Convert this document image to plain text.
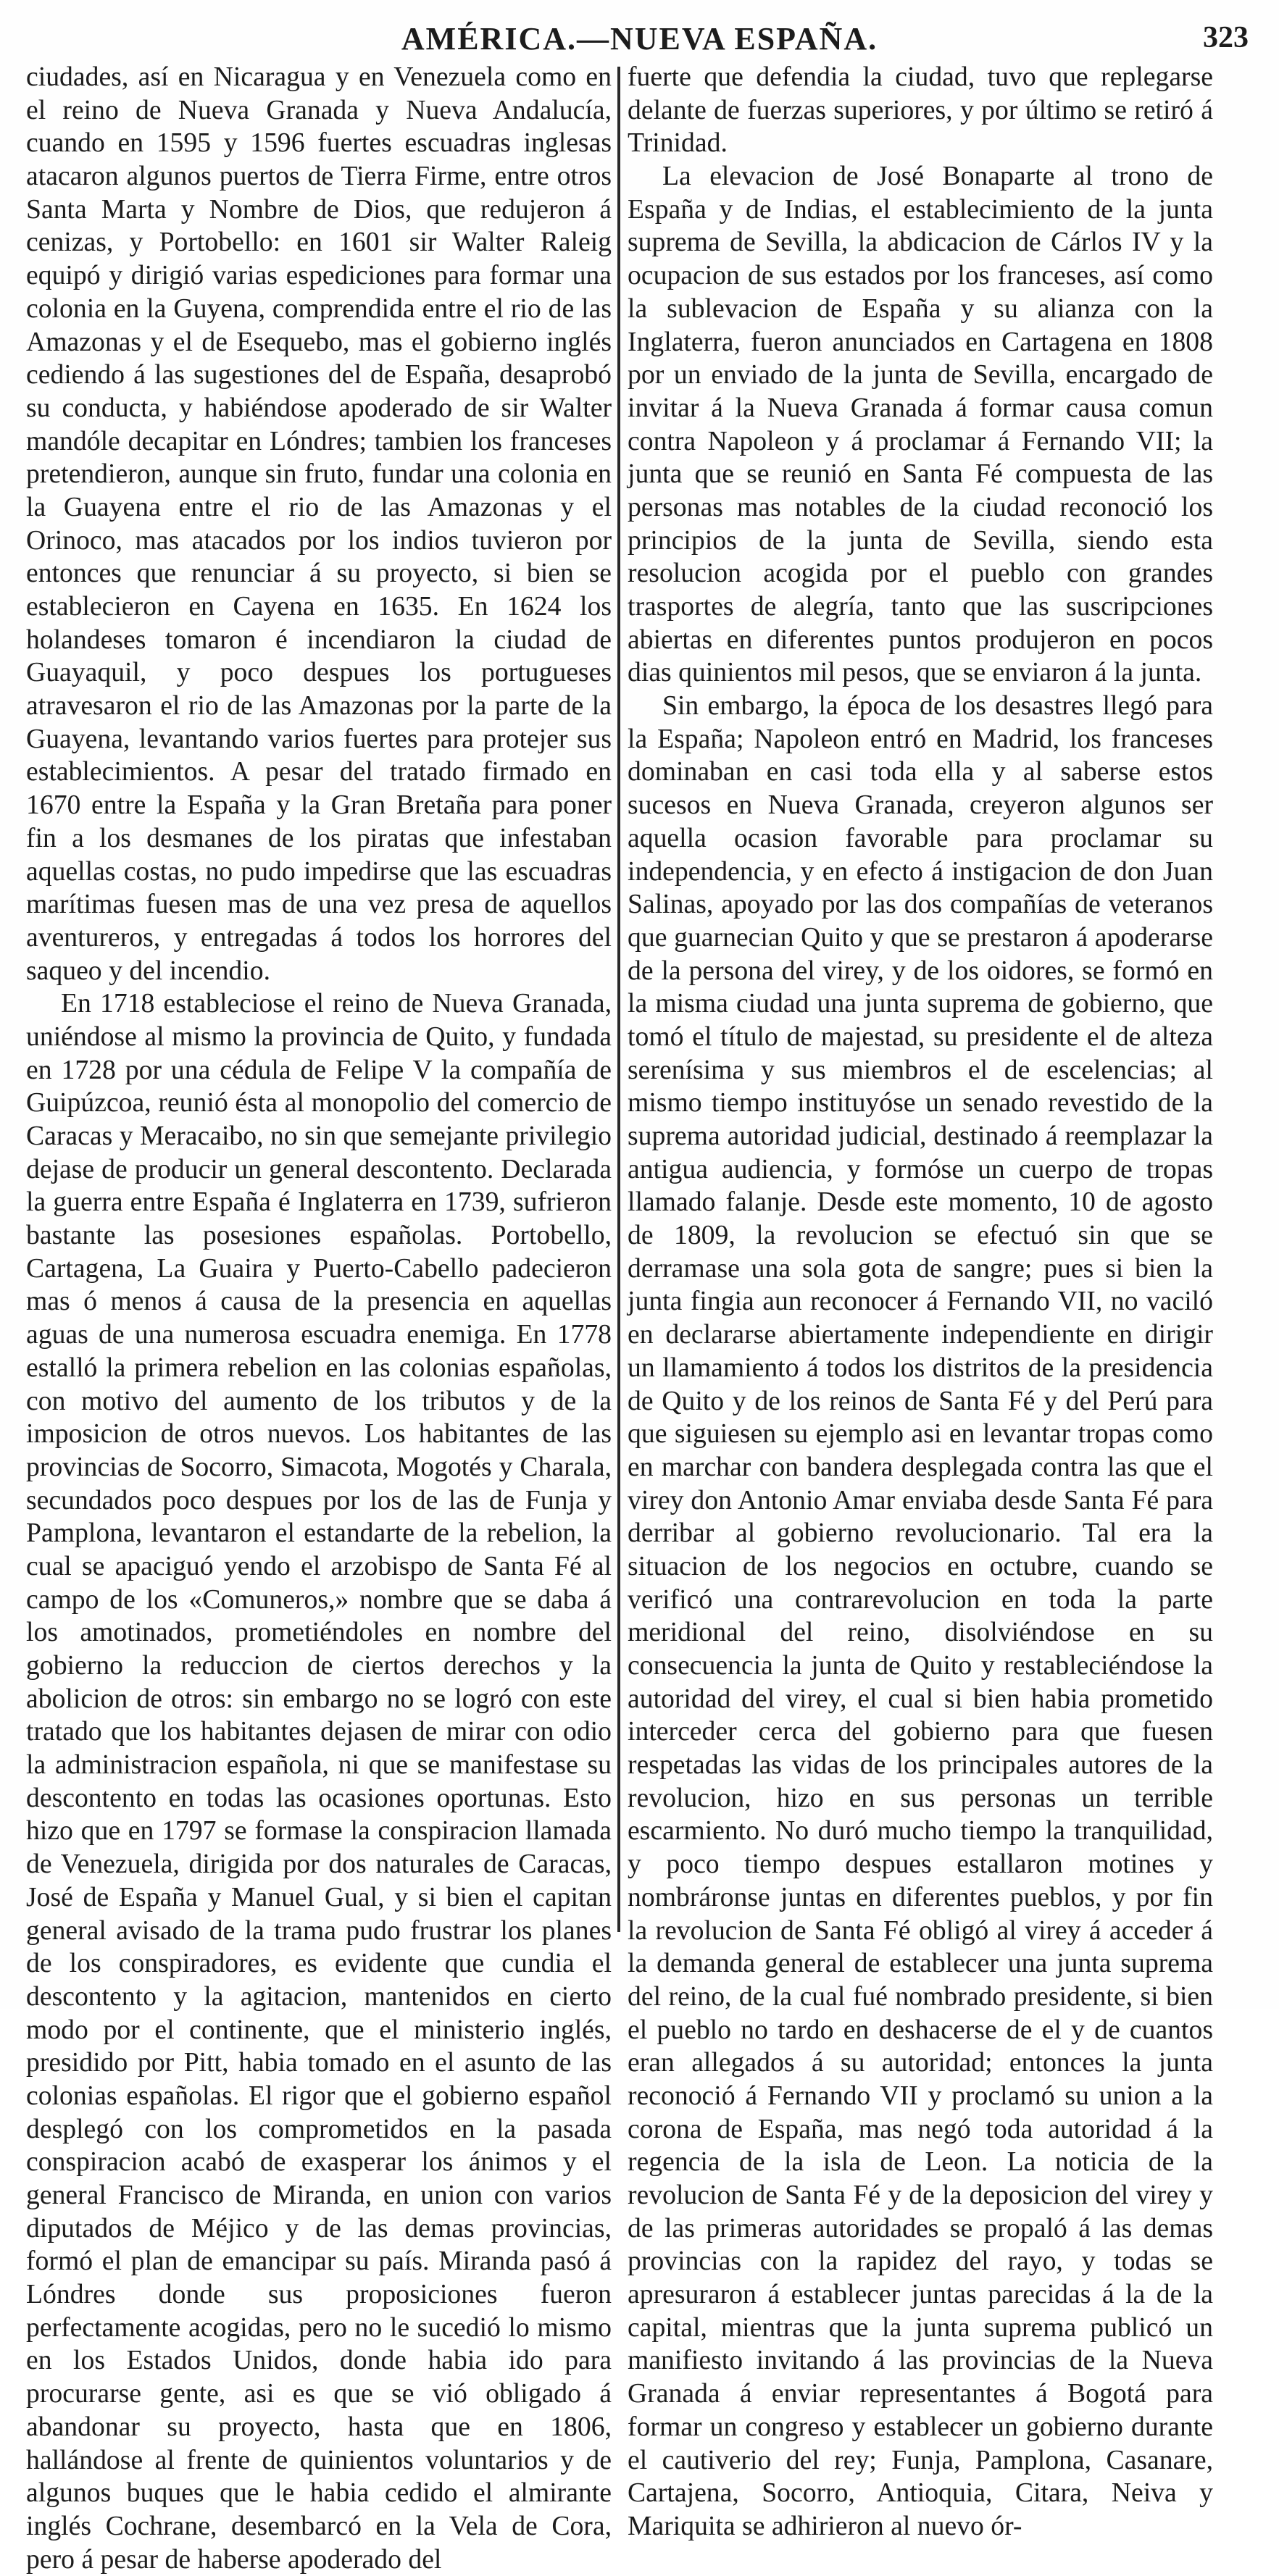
AMÉRICA.—NUEVA ESPAÑA.	323

ciudades, así en Nicaragua y en Venezuela como en el reino de Nueva Granada y Nueva Andalucía, cuando en 1595 y 1596 fuertes escuadras inglesas atacaron algunos puertos de Tierra Firme, entre otros Santa Marta y Nombre de Dios, que redujeron á cenizas, y Portobello: en 1601 sir Walter Raleig equipó y dirigió varias espediciones para formar una colonia en la Guyena, comprendida entre el rio de las Amazonas y el de Esequebo, mas el gobierno inglés cediendo á las sugestiones del de España, desaprobó su conducta, y habiéndose apoderado de sir Walter mandóle decapitar en Lóndres; tambien los franceses pretendieron, aunque sin fruto, fundar una colonia en la Guayena entre el rio de las Amazonas y el Orinoco, mas atacados por los indios tuvieron por entonces que renunciar á su proyecto, si bien se establecieron en Cayena en 1635. En 1624 los holandeses tomaron é incendiaron la ciudad de Guayaquil, y poco despues los portugueses atravesaron el rio de las Amazonas por la parte de la Guayena, levantando varios fuertes para protejer sus establecimientos. A pesar del tratado firmado en 1670 entre la España y la Gran Bretaña para poner fin a los desmanes de los piratas que infestaban aquellas costas, no pudo impedirse que las escuadras marítimas fuesen mas de una vez presa de aquellos aventureros, y entregadas á todos los horrores del saqueo y del incendio.

En 1718 estableciose el reino de Nueva Granada, uniéndose al mismo la provincia de Quito, y fundada en 1728 por una cédula de Felipe V la compañía de Guipúzcoa, reunió ésta al monopolio del comercio de Caracas y Meracaibo, no sin que semejante privilegio dejase de producir un general descontento. Declarada la guerra entre España é Inglaterra en 1739, sufrieron bastante las posesiones españolas. Portobello, Cartagena, La Guaira y Puerto-Cabello padecieron mas ó menos á causa de la presencia en aquellas aguas de una numerosa escuadra enemiga. En 1778 estalló la primera rebelion en las colonias españolas, con motivo del aumento de los tributos y de la imposicion de otros nuevos. Los habitantes de las provincias de Socorro, Simacota, Mogotés y Charala, secundados poco despues por los de las de Funja y Pamplona, levantaron el estandarte de la rebelion, la cual se apaciguó yendo el arzobispo de Santa Fé al campo de los «Comuneros,» nombre que se daba á los amotinados, prometiéndoles en nombre del gobierno la reduccion de ciertos derechos y la abolicion de otros: sin embargo no se logró con este tratado que los habitantes dejasen de mirar con odio la administracion española, ni que se manifestase su descontento en todas las ocasiones oportunas. Esto hizo que en 1797 se formase la conspiracion llamada de Venezuela, dirigida por dos naturales de Caracas, José de España y Manuel Gual, y si bien el capitan general avisado de la trama pudo frustrar los planes de los conspiradores, es evidente que cundia el descontento y la agitacion, mantenidos en cierto modo por el continente, que el ministerio inglés, presidido por Pitt, habia tomado en el asunto de las colonias españolas. El rigor que el gobierno español desplegó con los comprometidos en la pasada conspiracion acabó de exasperar los ánimos y el general Francisco de Miranda, en union con varios diputados de Méjico y de las demas provincias, formó el plan de emancipar su país. Miranda pasó á Lóndres donde sus proposiciones fueron perfectamente acogidas, pero no le sucedió lo mismo en los Estados Unidos, donde habia ido para procurarse gente, asi es que se vió obligado á abandonar su proyecto, hasta que en 1806, hallándose al frente de quinientos voluntarios y de algunos buques que le habia cedido el almirante inglés Cochrane, desembarcó en la Vela de Cora, pero á pesar de haberse apoderado del

fuerte que defendia la ciudad, tuvo que replegarse delante de fuerzas superiores, y por último se retiró á Trinidad.

La elevacion de José Bonaparte al trono de España y de Indias, el establecimiento de la junta suprema de Sevilla, la abdicacion de Cárlos IV y la ocupacion de sus estados por los franceses, así como la sublevacion de España y su alianza con la Inglaterra, fueron anunciados en Cartagena en 1808 por un enviado de la junta de Sevilla, encargado de invitar á la Nueva Granada á formar causa comun contra Napoleon y á proclamar á Fernando VII; la junta que se reunió en Santa Fé compuesta de las personas mas notables de la ciudad reconoció los principios de la junta de Sevilla, siendo esta resolucion acogida por el pueblo con grandes trasportes de alegría, tanto que las suscripciones abiertas en diferentes puntos produjeron en pocos dias quinientos mil pesos, que se enviaron á la junta.

Sin embargo, la época de los desastres llegó para la España; Napoleon entró en Madrid, los franceses dominaban en casi toda ella y al saberse estos sucesos en Nueva Granada, creyeron algunos ser aquella ocasion favorable para proclamar su independencia, y en efecto á instigacion de don Juan Salinas, apoyado por las dos compañías de veteranos que guarnecian Quito y que se prestaron á apoderarse de la persona del virey, y de los oidores, se formó en la misma ciudad una junta suprema de gobierno, que tomó el título de majestad, su presidente el de alteza serenísima y sus miembros el de escelencias; al mismo tiempo instituyóse un senado revestido de la suprema autoridad judicial, destinado á reemplazar la antigua audiencia, y formóse un cuerpo de tropas llamado falanje. Desde este momento, 10 de agosto de 1809, la revolucion se efectuó sin que se derramase una sola gota de sangre; pues si bien la junta fingia aun reconocer á Fernando VII, no vaciló en declararse abiertamente independiente en dirigir un llamamiento á todos los distritos de la presidencia de Quito y de los reinos de Santa Fé y del Perú para que siguiesen su ejemplo asi en levantar tropas como en marchar con bandera desplegada contra las que el virey don Antonio Amar enviaba desde Santa Fé para derribar al gobierno revolucionario. Tal era la situacion de los negocios en octubre, cuando se verificó una contrarevolucion en toda la parte meridional del reino, disolviéndose en su consecuencia la junta de Quito y restableciéndose la autoridad del virey, el cual si bien habia prometido interceder cerca del gobierno para que fuesen respetadas las vidas de los principales autores de la revolucion, hizo en sus personas un terrible escarmiento. No duró mucho tiempo la tranquilidad, y poco tiempo despues estallaron motines y nombráronse juntas en diferentes pueblos, y por fin la revolucion de Santa Fé obligó al virey á acceder á la demanda general de establecer una junta suprema del reino, de la cual fué nombrado presidente, si bien el pueblo no tardo en deshacerse de el y de cuantos eran allegados á su autoridad; entonces la junta reconoció á Fernando VII y proclamó su union a la corona de España, mas negó toda autoridad á la regencia de la isla de Leon. La noticia de la revolucion de Santa Fé y de la deposicion del virey y de las primeras autoridades se propaló á las demas provincias con la rapidez del rayo, y todas se apresuraron á establecer juntas parecidas á la de la capital, mientras que la junta suprema publicó un manifiesto invitando á las provincias de la Nueva Granada á enviar representantes á Bogotá para formar un congreso y establecer un gobierno durante el cautiverio del rey; Funja, Pamplona, Casanare, Cartajena, Socorro, Antioquia, Citara, Neiva y Mariquita se adhirieron al nuevo ór-
